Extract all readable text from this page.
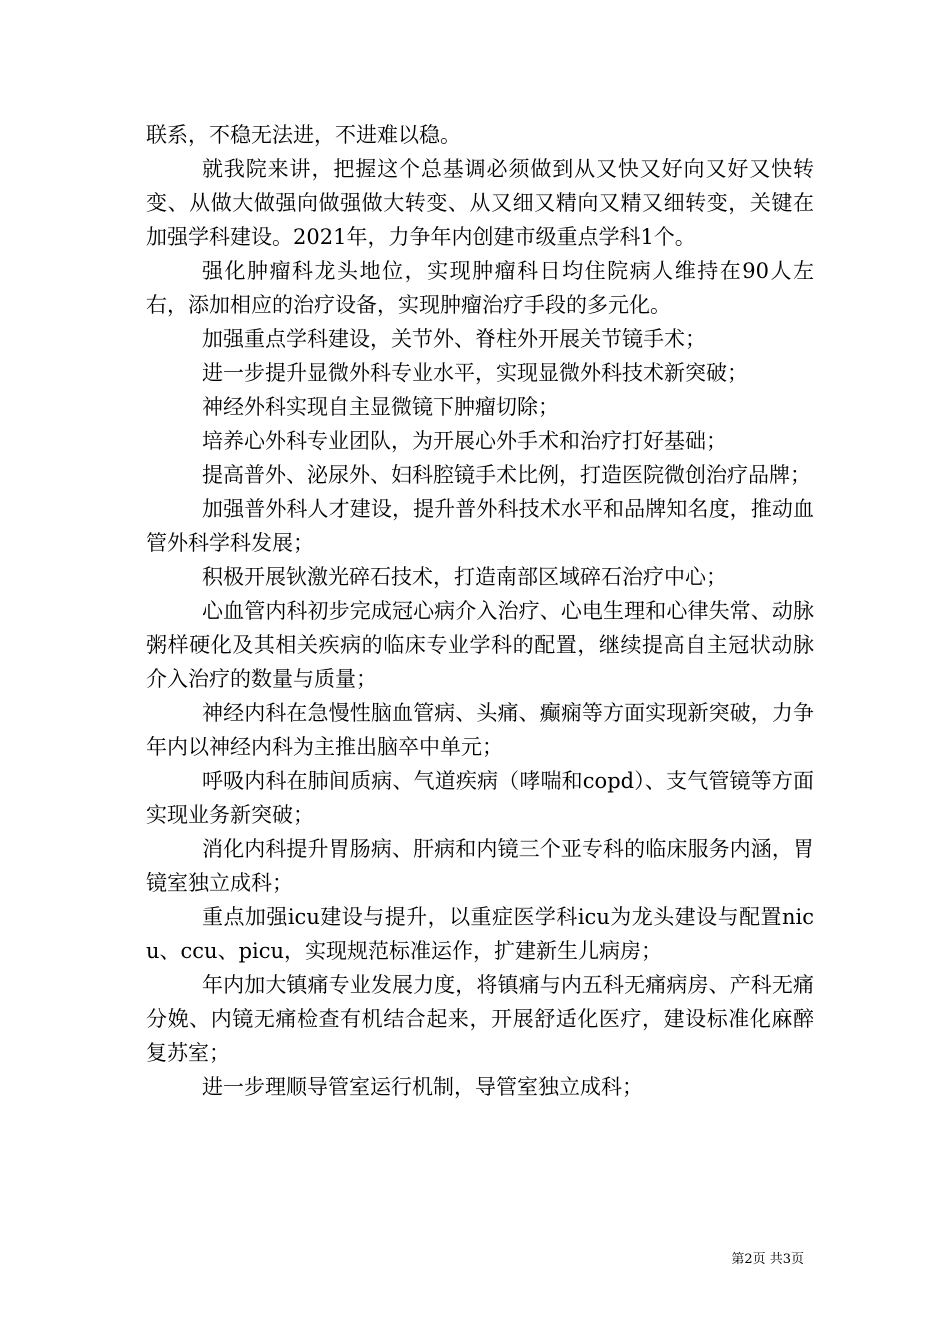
联系，不稳无法进，不进难以稳。

就我院来讲，把握这个总基调必须做到从又快又好向又好又快转变、从做大做强向做强做大转变、从又细又精向又精又细转变，关键在加强学科建设。2021年，力争年内创建市级重点学科1个。

强化肿瘤科龙头地位，实现肿瘤科日均住院病人维持在90人左右，添加相应的治疗设备，实现肿瘤治疗手段的多元化。

加强重点学科建设，关节外、脊柱外开展关节镜手术；

进一步提升显微外科专业水平，实现显微外科技术新突破；

神经外科实现自主显微镜下肿瘤切除；

培养心外科专业团队，为开展心外手术和治疗打好基础；

提高普外、泌尿外、妇科腔镜手术比例，打造医院微创治疗品牌；

加强普外科人才建设，提升普外科技术水平和品牌知名度，推动血管外科学科发展；

积极开展钬激光碎石技术，打造南部区域碎石治疗中心；

心血管内科初步完成冠心病介入治疗、心电生理和心律失常、动脉粥样硬化及其相关疾病的临床专业学科的配置，继续提高自主冠状动脉介入治疗的数量与质量；

神经内科在急慢性脑血管病、头痛、癫痫等方面实现新突破，力争年内以神经内科为主推出脑卒中单元；

呼吸内科在肺间质病、气道疾病（哮喘和copd）、支气管镜等方面实现业务新突破；

消化内科提升胃肠病、肝病和内镜三个亚专科的临床服务内涵，胃镜室独立成科；

重点加强icu建设与提升，以重症医学科icu为龙头建设与配置nicu、ccu、picu，实现规范标准运作，扩建新生儿病房；

年内加大镇痛专业发展力度，将镇痛与内五科无痛病房、产科无痛分娩、内镜无痛检查有机结合起来，开展舒适化医疗，建设标准化麻醉复苏室；

进一步理顺导管室运行机制，导管室独立成科；

第2页 共3页
